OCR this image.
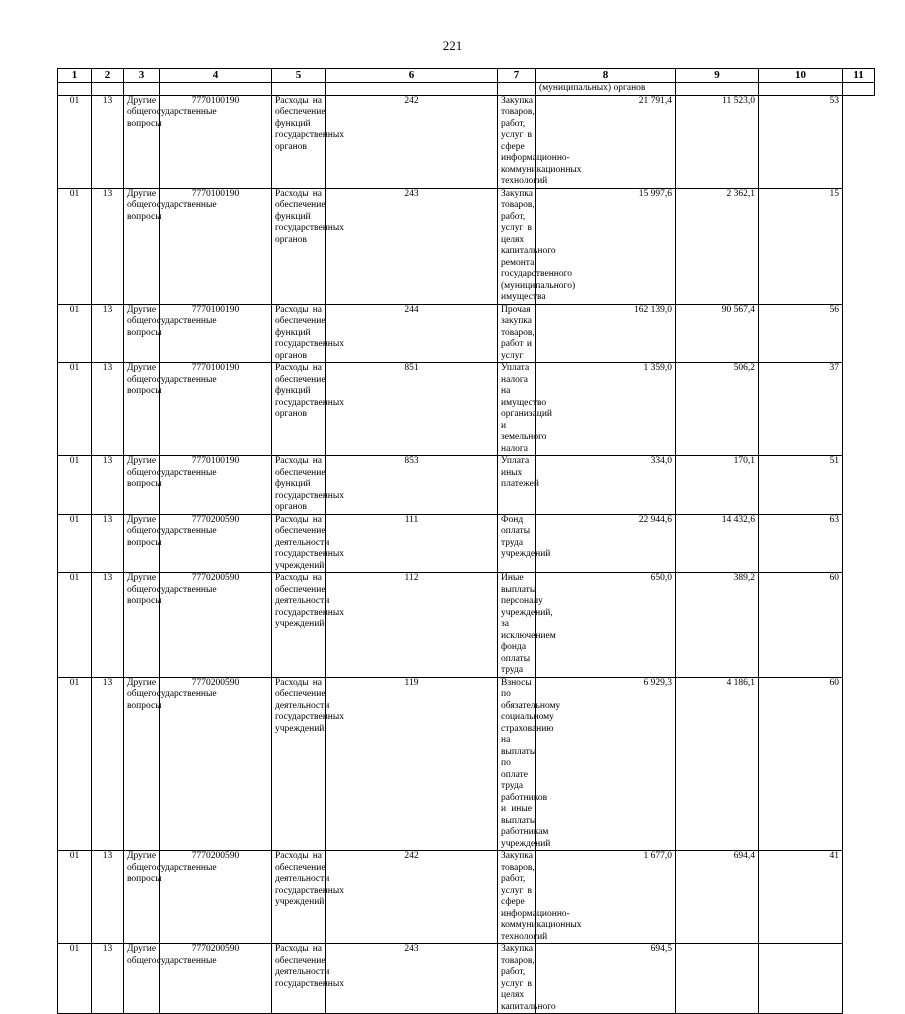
221
1	2	3	4	5	6	7	8	9	10	11
							(муниципальных) органов			
01	13	Другие общегосударственные вопросы	7770100190	Расходы на обеспечение функций государственных органов	242	Закупка товаров, работ, услуг в сфере информационно-коммуникационных технологий	21 791,4	11 523,0	53	
01	13	Другие общегосударственные вопросы	7770100190	Расходы на обеспечение функций государственных органов	243	Закупка товаров, работ, услуг в целях капитального ремонта государственного (муниципального) имущества	15 997,6	2 362,1	15	
01	13	Другие общегосударственные вопросы	7770100190	Расходы на обеспечение функций государственных органов	244	Прочая закупка товаров, работ и услуг	162 139,0	90 567,4	56	
01	13	Другие общегосударственные вопросы	7770100190	Расходы на обеспечение функций государственных органов	851	Уплата налога на имущество организаций и земельного налога	1 359,0	506,2	37	
01	13	Другие общегосударственные вопросы	7770100190	Расходы на обеспечение функций государственных органов	853	Уплата иных платежей	334,0	170,1	51	
01	13	Другие общегосударственные вопросы	7770200590	Расходы на обеспечение деятельности государственных учреждений	111	Фонд оплаты труда учреждений	22 944,6	14 432,6	63	
01	13	Другие общегосударственные вопросы	7770200590	Расходы на обеспечение деятельности государственных учреждений	112	Иные выплаты персоналу учреждений, за исключением фонда оплаты труда	650,0	389,2	60	
01	13	Другие общегосударственные вопросы	7770200590	Расходы на обеспечение деятельности государственных учреждений	119	Взносы по обязательному социальному страхованию на выплаты по оплате труда работников и иные выплаты работникам учреждений	6 929,3	4 186,1	60	
01	13	Другие общегосударственные вопросы	7770200590	Расходы на обеспечение деятельности государственных учреждений	242	Закупка товаров, работ, услуг в сфере информационно-коммуникационных технологий	1 677,0	694,4	41	
01	13	Другие общегосударственные	7770200590	Расходы на обеспечение деятельности государственных	243	Закупка товаров, работ, услуг в целях капитального	694,5			
